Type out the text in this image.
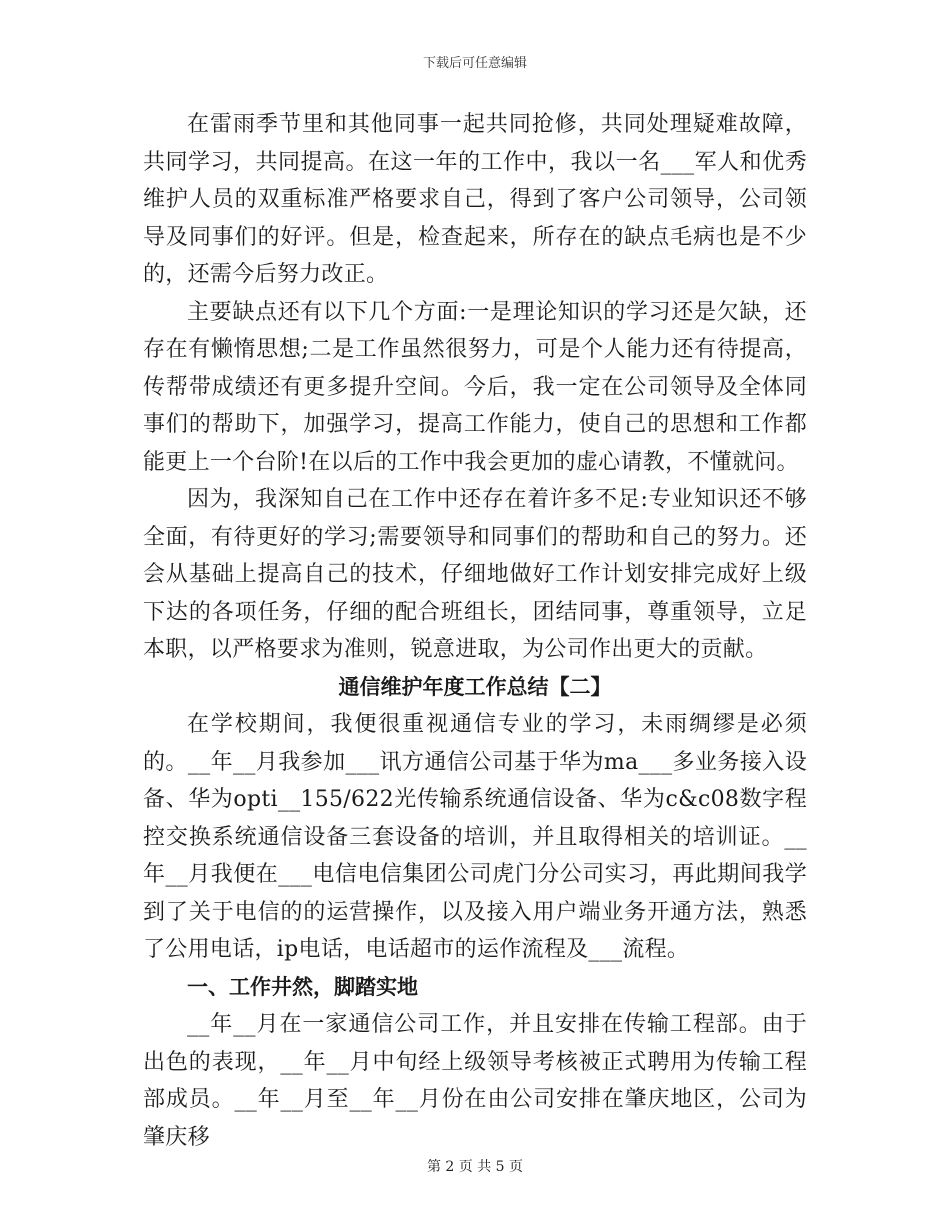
下载后可任意编辑

在雷雨季节里和其他同事一起共同抢修，共同处理疑难故障，共同学习，共同提高。在这一年的工作中，我以一名___军人和优秀维护人员的双重标准严格要求自己，得到了客户公司领导，公司领导及同事们的好评。但是，检查起来，所存在的缺点毛病也是不少的，还需今后努力改正。

主要缺点还有以下几个方面:一是理论知识的学习还是欠缺，还存在有懒惰思想;二是工作虽然很努力，可是个人能力还有待提高，传帮带成绩还有更多提升空间。今后，我一定在公司领导及全体同事们的帮助下，加强学习，提高工作能力，使自己的思想和工作都能更上一个台阶!在以后的工作中我会更加的虚心请教，不懂就问。

因为，我深知自己在工作中还存在着许多不足:专业知识还不够全面，有待更好的学习;需要领导和同事们的帮助和自己的努力。还会从基础上提高自己的技术，仔细地做好工作计划安排完成好上级下达的各项任务，仔细的配合班组长，团结同事，尊重领导，立足本职，以严格要求为准则，锐意进取，为公司作出更大的贡献。

通信维护年度工作总结【二】

在学校期间，我便很重视通信专业的学习，未雨绸缪是必须的。__年__月我参加___讯方通信公司基于华为ma___多业务接入设备、华为opti__155/622光传输系统通信设备、华为c&c08数字程控交换系统通信设备三套设备的培训，并且取得相关的培训证。__年__月我便在___电信电信集团公司虎门分公司实习，再此期间我学到了关于电信的的运营操作，以及接入用户端业务开通方法，熟悉了公用电话，ip电话，电话超市的运作流程及___流程。

一、工作井然，脚踏实地

__年__月在一家通信公司工作，并且安排在传输工程部。由于出色的表现，__年__月中旬经上级领导考核被正式聘用为传输工程部成员。__年__月至__年__月份在由公司安排在肇庆地区，公司为肇庆移

第 2 页 共 5 页
